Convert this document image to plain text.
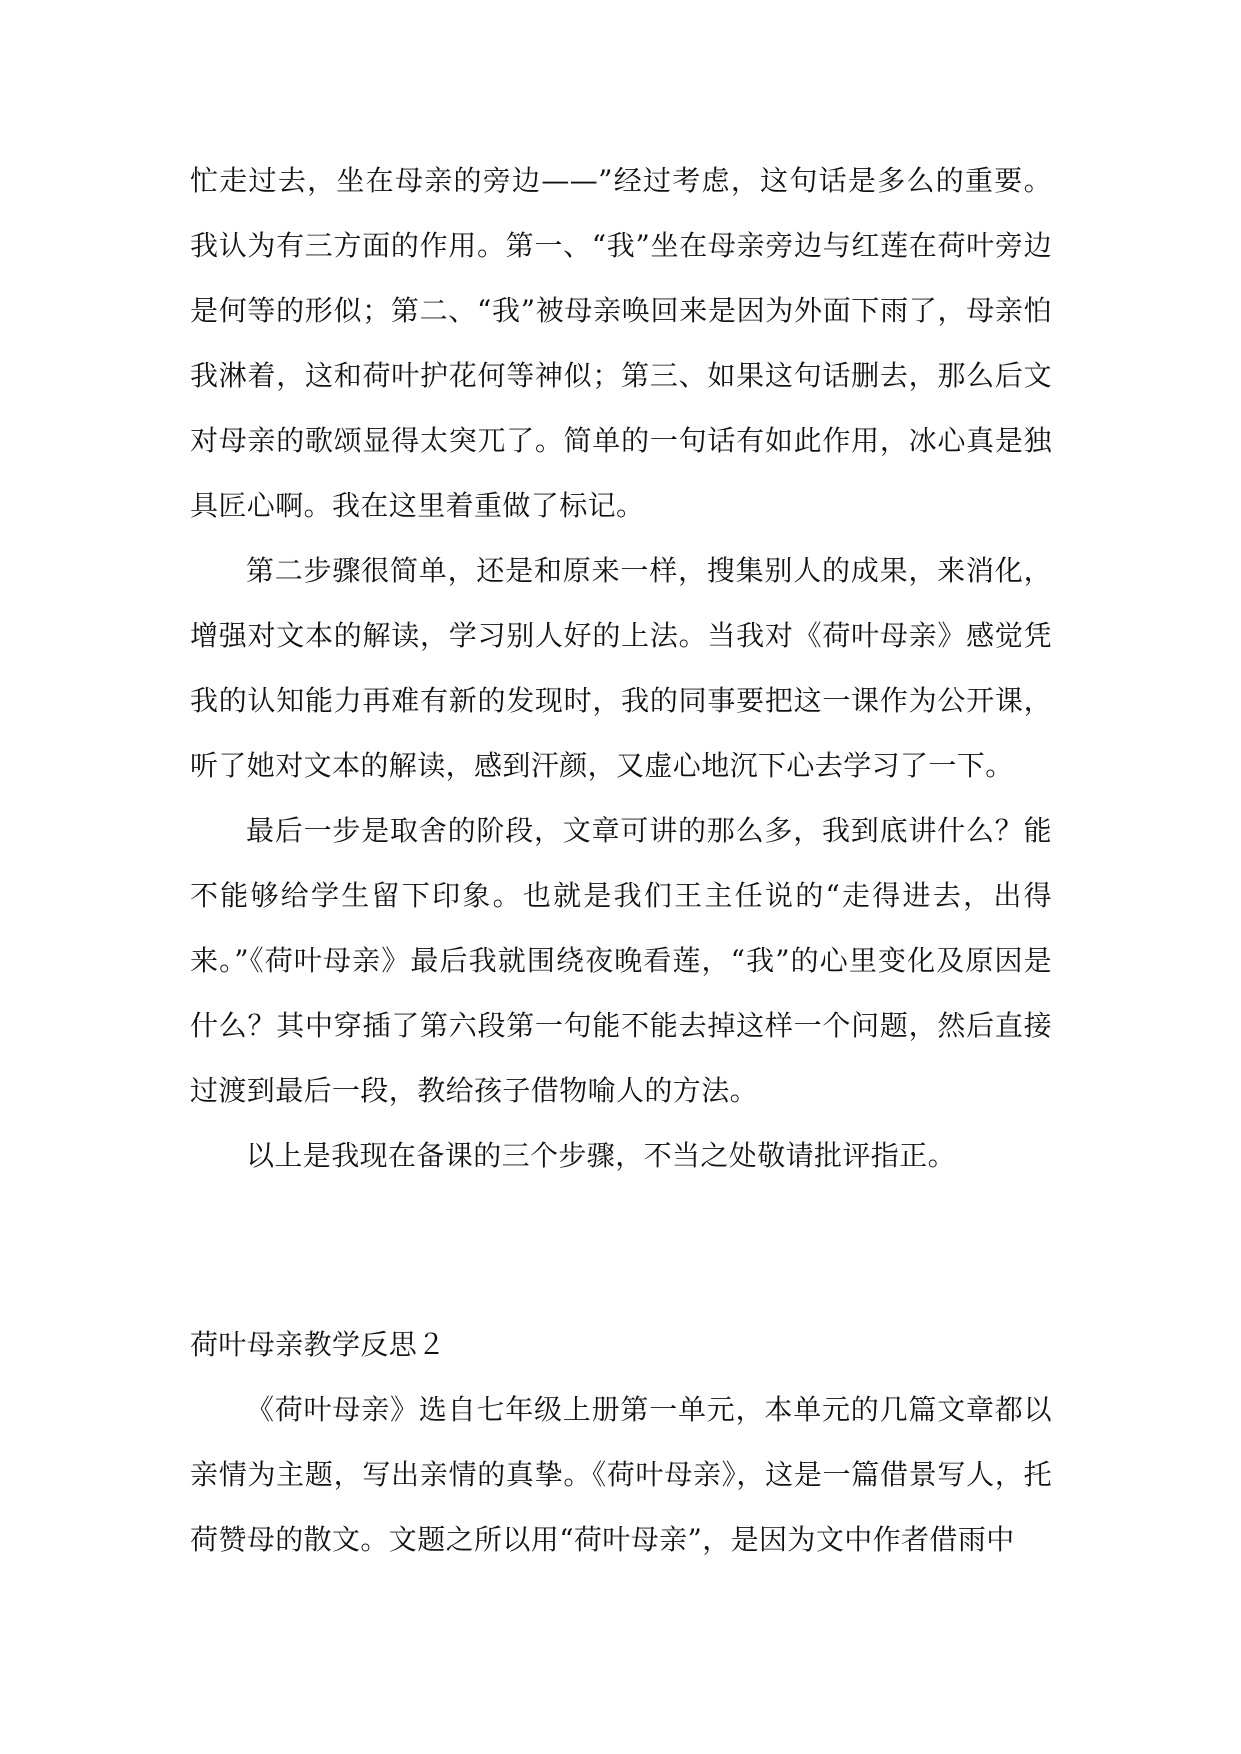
忙走过去，坐在母亲的旁边——”经过考虑，这句话是多么的重要。我认为有三方面的作用。第一、“我”坐在母亲旁边与红莲在荷叶旁边是何等的形似；第二、“我”被母亲唤回来是因为外面下雨了，母亲怕我淋着，这和荷叶护花何等神似；第三、如果这句话删去，那么后文对母亲的歌颂显得太突兀了。简单的一句话有如此作用，冰心真是独具匠心啊。我在这里着重做了标记。

第二步骤很简单，还是和原来一样，搜集别人的成果，来消化，增强对文本的解读，学习别人好的上法。当我对《荷叶母亲》感觉凭我的认知能力再难有新的发现时，我的同事要把这一课作为公开课，听了她对文本的解读，感到汗颜，又虚心地沉下心去学习了一下。

最后一步是取舍的阶段，文章可讲的那么多，我到底讲什么？能不能够给学生留下印象。也就是我们王主任说的“走得进去，出得来。”《荷叶母亲》最后我就围绕夜晚看莲，“我”的心里变化及原因是什么？其中穿插了第六段第一句能不能去掉这样一个问题，然后直接过渡到最后一段，教给孩子借物喻人的方法。

以上是我现在备课的三个步骤，不当之处敬请批评指正。

荷叶母亲教学反思２

《荷叶母亲》选自七年级上册第一单元，本单元的几篇文章都以亲情为主题，写出亲情的真挚。《荷叶母亲》，这是一篇借景写人，托荷赞母的散文。文题之所以用“荷叶母亲”，是因为文中作者借雨中
